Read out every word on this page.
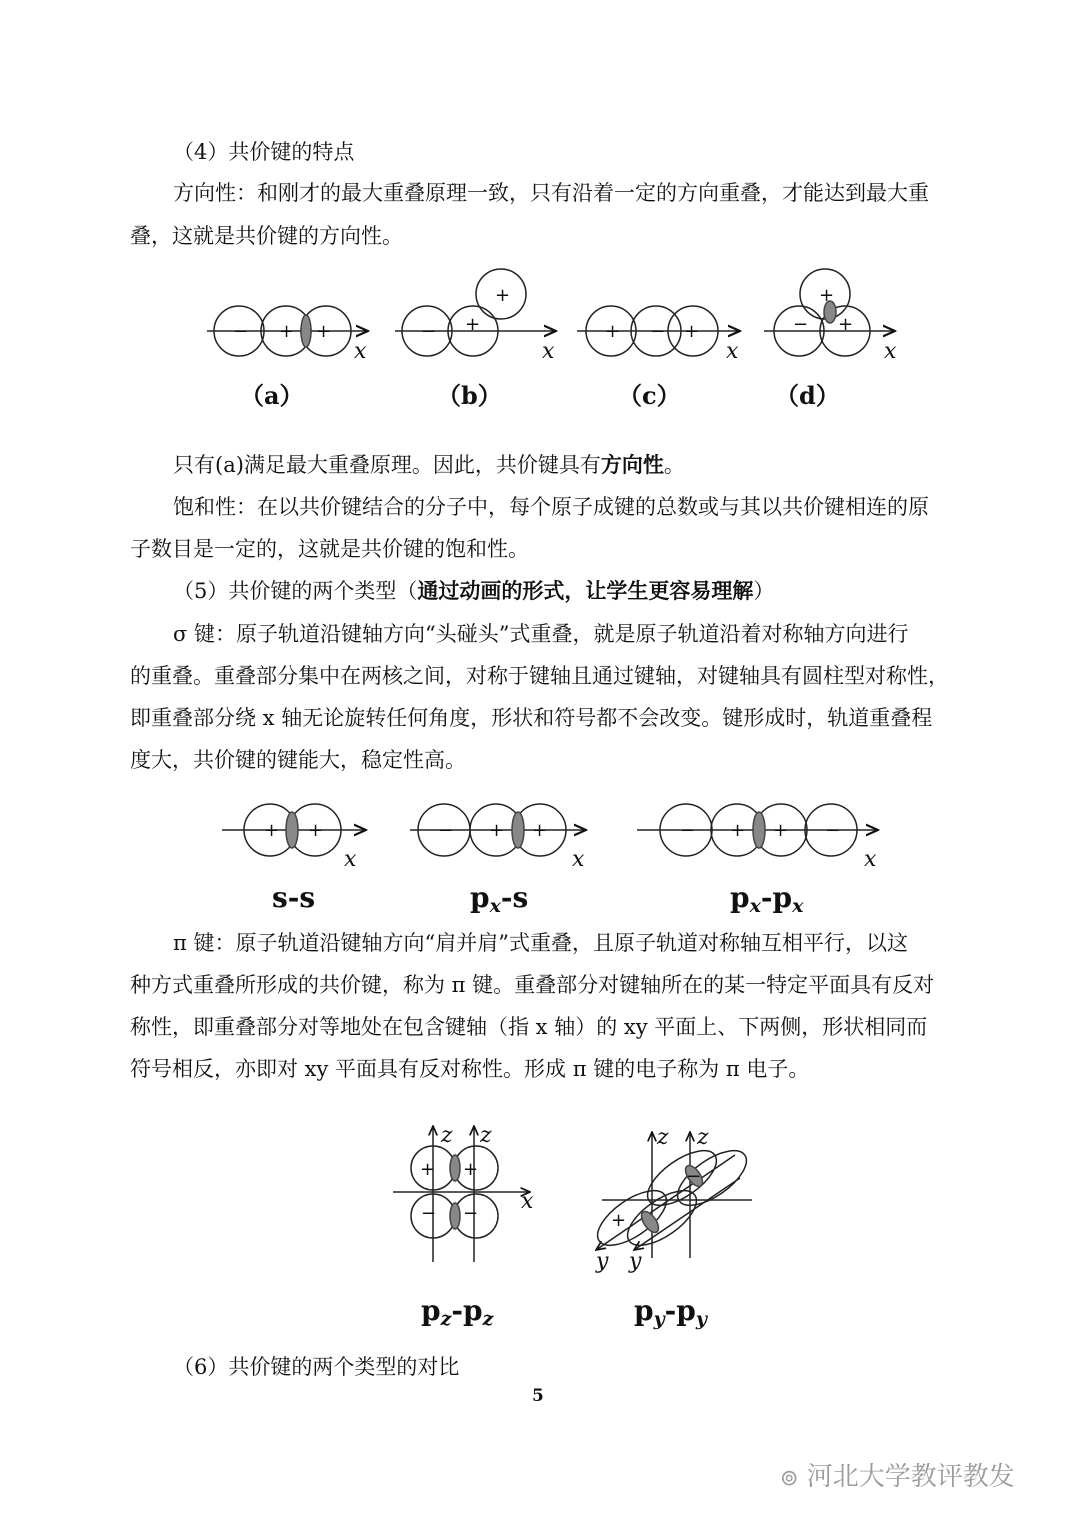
（4）共价键的特点
方向性：和刚才的最大重叠原理一致，只有沿着一定的方向重叠，才能达到最大重
叠，这就是共价键的方向性。
只有(a)满足最大重叠原理。因此，共价键具有方向性。
饱和性：在以共价键结合的分子中，每个原子成键的总数或与其以共价键相连的原
子数目是一定的，这就是共价键的饱和性。
（5）共价键的两个类型（通过动画的形式，让学生更容易理解）
σ 键：原子轨道沿键轴方向“头碰头”式重叠，就是原子轨道沿着对称轴方向进行
的重叠。重叠部分集中在两核之间，对称于键轴且通过键轴，对键轴具有圆柱型对称性，
即重叠部分绕 x 轴无论旋转任何角度，形状和符号都不会改变。键形成时，轨道重叠程
度大，共价键的键能大，稳定性高。
π 键：原子轨道沿键轴方向“肩并肩”式重叠，且原子轨道对称轴互相平行，以这
种方式重叠所形成的共价键，称为 π 键。重叠部分对键轴所在的某一特定平面具有反对
称性，即重叠部分对等地处在包含键轴（指 x 轴）的 xy 平面上、下两侧，形状相同而
符号相反，亦即对 xy 平面具有反对称性。形成 π 键的电子称为 π 电子。
（6）共价键的两个类型的对比
5
⊚ 河北大学教评教发
− + +
x
− +
+
x
+ − +
x
− +
+
x
（a）	（b）	（c）	（d）
+ +
x
− + +
x
− + + −
x
s-s	px-s	px-px
+ +
− −
z z
x
+
−
z z
y y
pz-pz	py-py
